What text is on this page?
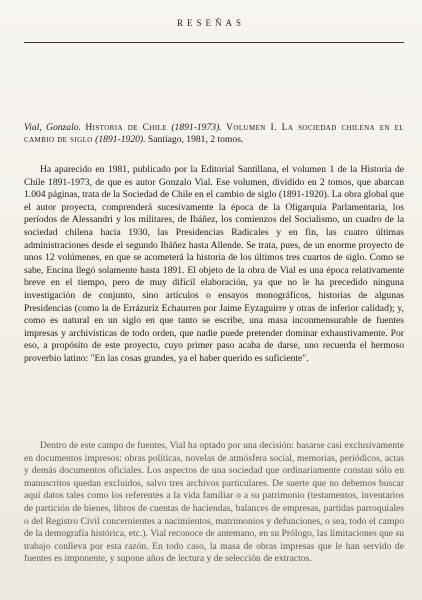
RESEÑAS
Vial, Gonzalo. Historia de Chile (1891-1973). Volumen I. La sociedad chilena en el cambio de siglo (1891-1920). Santiago, 1981, 2 tomos.

Ha aparecido en 1981, publicado por la Editorial Santillana, el volumen 1 de la Historia de Chile 1891-1973, de que es autor Gonzalo Vial. Ese volumen, dividido en 2 tomos, que abarcan 1.004 páginas, trata de la Sociedad de Chile en el cambio de siglo (1891-1920). La obra global que el autor proyecta, comprenderá sucesivamente la época de la Oligarquía Parlamentaria, los períodos de Alessandri y los militares, de Ibáñez, los comienzos del Socialismo, un cuadro de la sociedad chilena hacia 1930, las Presidencias Radicales y en fin, las cuatro últimas administraciones desde el segundo Ibáñez hasta Allende. Se trata, pues, de un enorme proyecto de unos 12 volúmenes, en que se acometerá la historia de los últimos tres cuartos de siglo. Como se sabe, Encina llegó solamente hasta 1891. El objeto de la obra de Vial es una época relativamente breve en el tiempo, pero de muy difícil elaboración, ya que no le ha precedido ninguna investigación de conjunto, sino artículos o ensayos monográficos, historias de algunas Presidencias (como la de Errázuriz Echaurren por Jaime Eyzaguirre y otras de inferior calidad); y, como es natural en un siglo en que tanto se escribe, una masa inconmensurable de fuentes impresas y archivísticas de todo orden, que nadie puede pretender dominar exhaustivamente. Por eso, a propósito de este proyecto, cuyo primer paso acaba de darse, uno recuerda el hermoso proverbio latino: "En las cosas grandes, ya el haber querido es suficiente".

Dentro de este campo de fuentes, Vial ha optado por una decisión: basarse casi exclusivamente en documentos impresos: obras políticas, novelas de atmósfera social, memorias, periódicos, actas y demás documentos oficiales. Los aspectos de una sociedad que ordinariamente constan sólo en manuscritos quedan excluidos, salvo tres archivos particulares. De suerte que no debemos buscar aquí datos tales como los referentes a la vida familiar o a su patrimonio (testamentos, inventarios de partición de bienes, libros de cuentas de haciendas, balances de empresas, partidas parroquiales o del Registro Civil concernientes a nacimientos, matrimonios y defunciones, o sea, todo el campo de la demografía histórica, etc.). Vial reconoce de antemano, en su Prólogo, las limitaciones que su trabajo conlleva por esta razón. En todo caso, la masa de obras impresas que le han servido de fuentes es imponente, y supone años de lectura y de selección de extractos.
